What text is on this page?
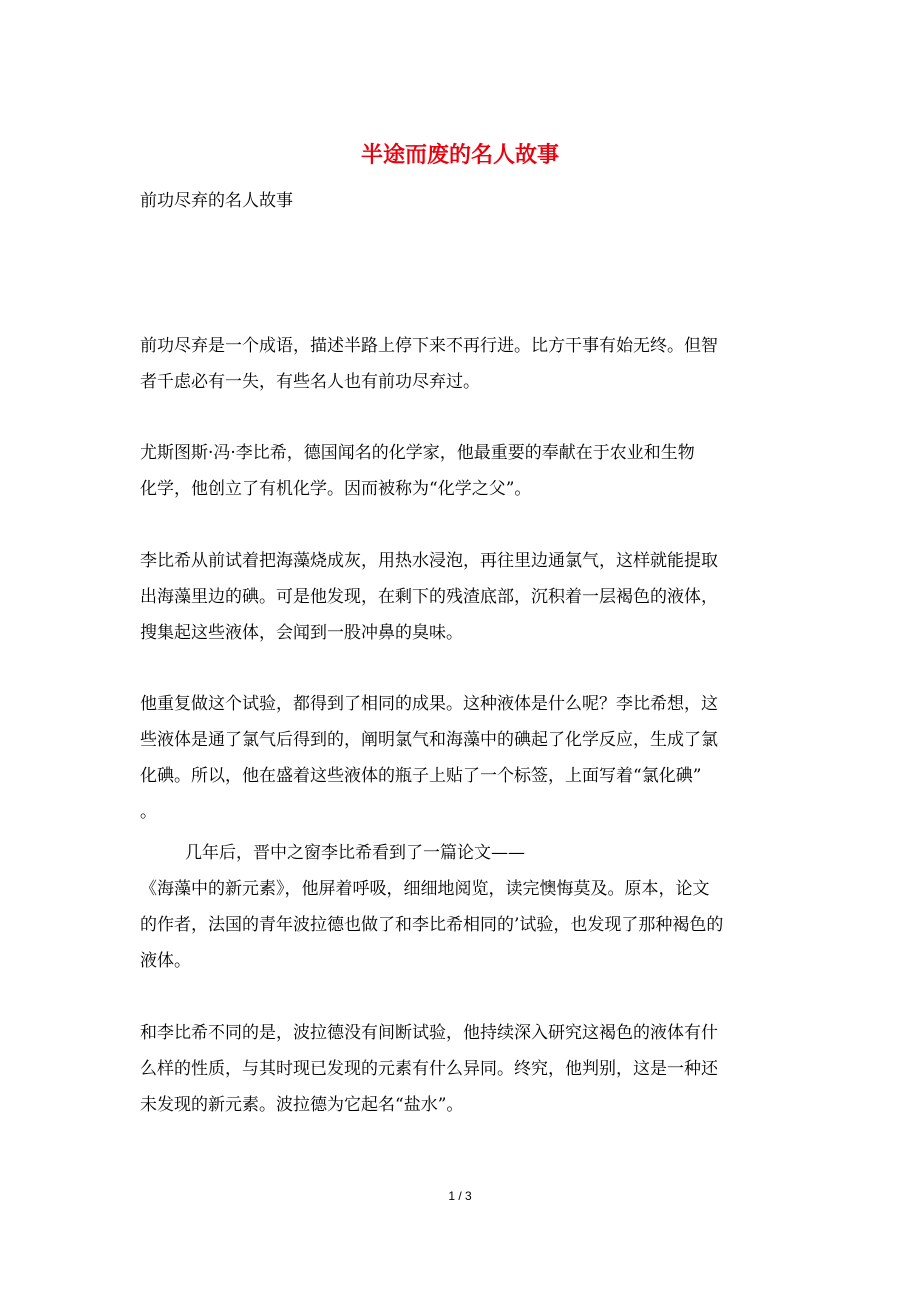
半途而废的名人故事

前功尽弃的名人故事

前功尽弃是一个成语，描述半路上停下来不再行进。比方干事有始无终。但智

者千虑必有一失，有些名人也有前功尽弃过。

尤斯图斯·冯·李比希，德国闻名的化学家，他最重要的奉献在于农业和生物

化学，他创立了有机化学。因而被称为“化学之父”。

李比希从前试着把海藻烧成灰，用热水浸泡，再往里边通氯气，这样就能提取

出海藻里边的碘。可是他发现，在剩下的残渣底部，沉积着一层褐色的液体，

搜集起这些液体，会闻到一股冲鼻的臭味。

他重复做这个试验，都得到了相同的成果。这种液体是什么呢？李比希想，这

些液体是通了氯气后得到的，阐明氯气和海藻中的碘起了化学反应，生成了氯

化碘。所以，他在盛着这些液体的瓶子上贴了一个标签，上面写着“氯化碘”

。

几年后，晋中之窗李比希看到了一篇论文——

《海藻中的新元素》，他屏着呼吸，细细地阅览，读完懊悔莫及。原本，论文

的作者，法国的青年波拉德也做了和李比希相同的’试验，也发现了那种褐色的

液体。

和李比希不同的是，波拉德没有间断试验，他持续深入研究这褐色的液体有什

么样的性质，与其时现已发现的元素有什么异同。终究，他判别，这是一种还

未发现的新元素。波拉德为它起名“盐水”。

1 / 3
